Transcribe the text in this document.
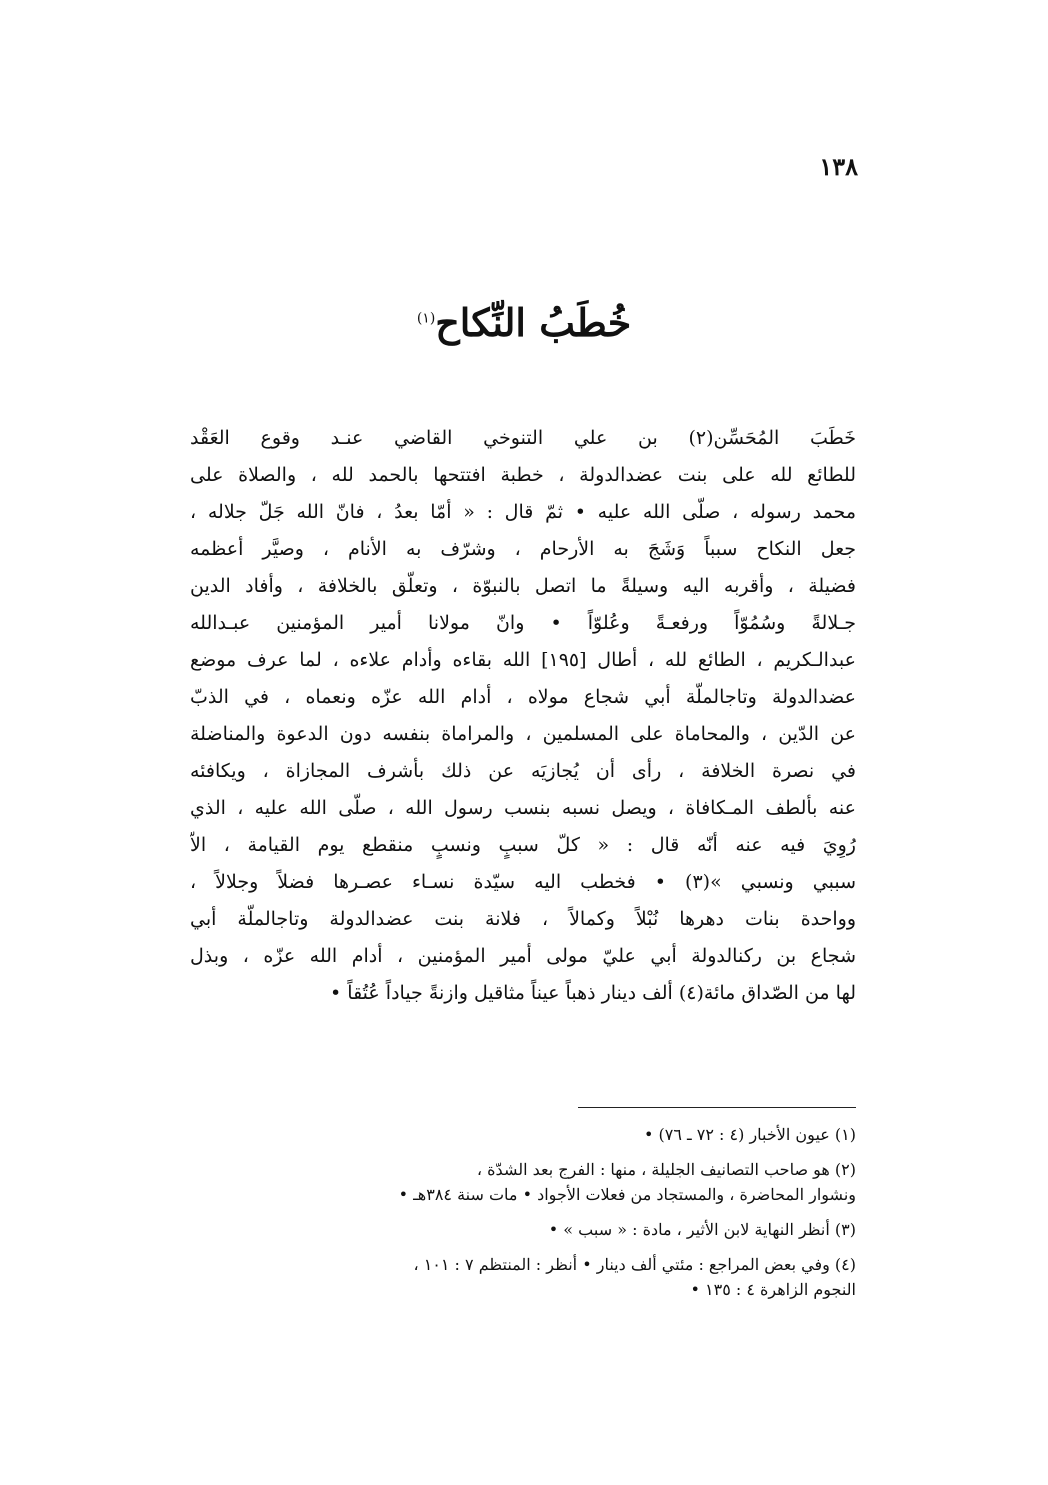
١٣٨
خُطَبُ النِّكاح$^{(١)}$
خَطَبَ المُحَسِّن(٢) بن علي التنوخي القاضي عنـد وقوع العَقْد
للطائع لله على بنت عضدالدولة ، خطبة افتتحها بالحمد لله ، والصلاة على
محمد رسوله ، صلّى الله عليه • ثمّ قال : « أمّا بعدُ ، فانّ الله جَلّ جلاله ،
جعل النكاح سبباً وَشَجَ به الأرحام ، وشرّف به الأنام ، وصيَّر أعظمه
فضيلة ، وأقربه اليه وسيلةً ما اتصل بالنبوّة ، وتعلّق بالخلافة ، وأفاد الدين
جـلالةً وسُمُوّاً ورفعـةً وعُلوّاً • وانّ مولانا أمير المؤمنين عبـدالله
عبدالـكريم ، الطائع لله ، أطال [١٩٥] الله بقاءه وأدام علاءه ، لما عرف موضع
عضدالدولة وتاجالملّة أبي شجاع مولاه ، أدام الله عزّه ونعماه ، في الذبّ
عن الدّين ، والمحاماة على المسلمين ، والمراماة بنفسه دون الدعوة والمناضلة
في نصرة الخلافة ، رأى أن يُجازيَه عن ذلك بأشرف المجازاة ، ويكافئه
عنه بألطف المـكافاة ، ويصل نسبه بنسب رسول الله ، صلّى الله عليه ، الذي
رُوِيَ فيه عنه أنّه قال : « كلّ سببٍ ونسبٍ منقطع يوم القيامة ، الاّ
سببي ونسبي »(٣) • فخطب اليه سيّدة نسـاء عصـرها فضلاً وجلالاً ،
وواحدة بنات دهرها نُبْلاً وكمالاً ، فلانة بنت عضدالدولة وتاجالملّة أبي
شجاع بن ركنالدولة أبي عليّ مولى أمير المؤمنين ، أدام الله عزّه ، وبذل
لها من الصّداق مائة(٤) ألف دينار ذهباً عيناً مثاقيل وازنةً جياداً عُتُقاً •
(١) عيون الأخبار (٤ : ٧٢ ـ ٧٦) •
(٢) هو صاحب التصانيف الجليلة ، منها : الفرج بعد الشدّة ،
ونشوار المحاضرة ، والمستجاد من فعلات الأجواد • مات سنة ٣٨٤هـ •
(٣) أنظر النهاية لابن الأثير ، مادة : « سبب » •
(٤) وفي بعض المراجع : مئتي ألف دينار • أنظر : المنتظم ٧ : ١٠١ ،
النجوم الزاهرة ٤ : ١٣٥ •
